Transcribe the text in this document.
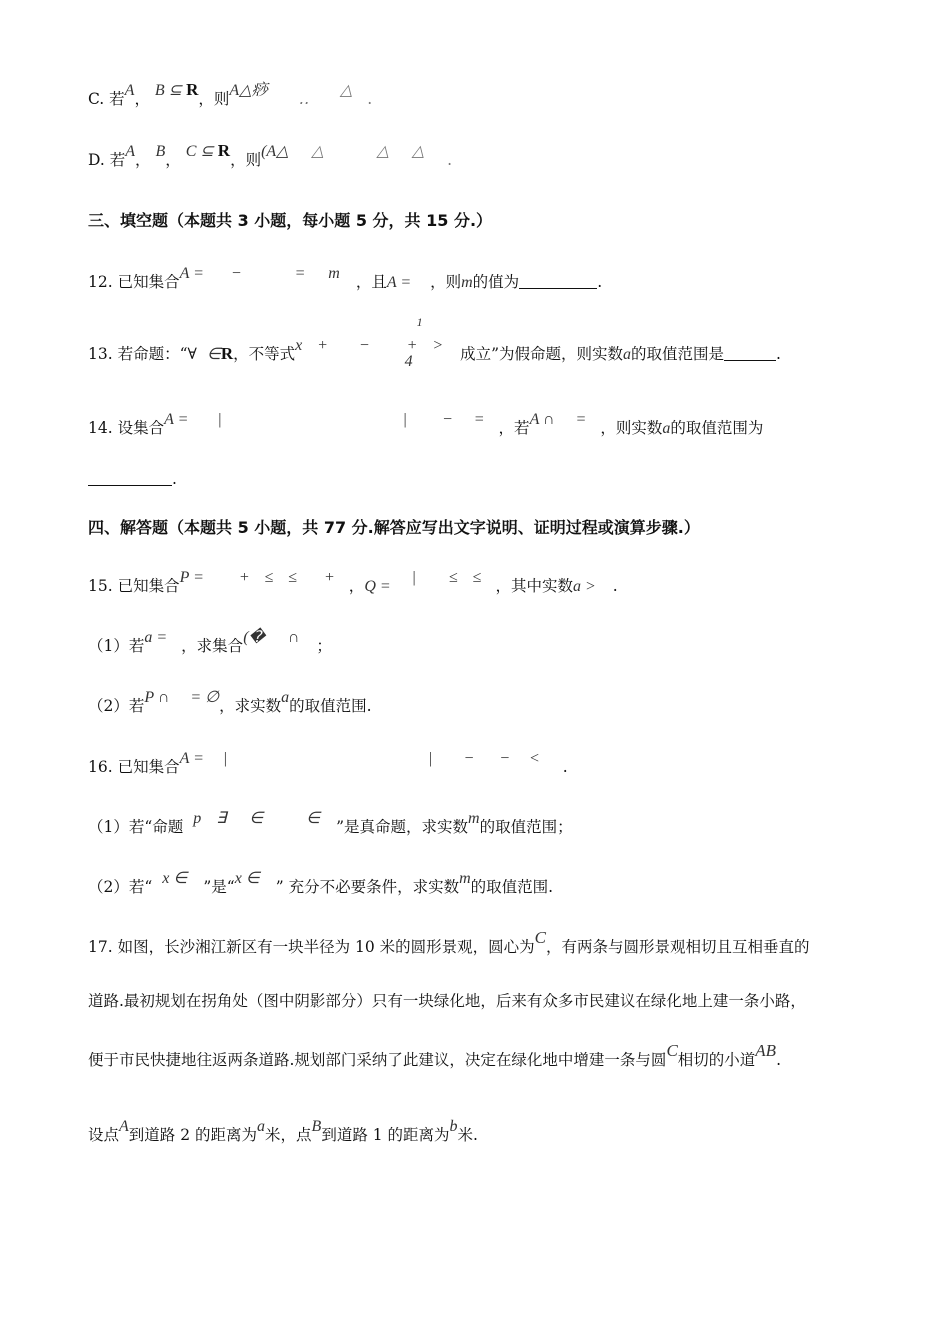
C. 若A， B ⊆ R，则A△痧 ‥ △ .
D. 若A， B， C ⊆ R，则(A△ △	△ △ .
三、填空题（本题共 3 小题，每小题 5 分，共 15 分.）
12. 已知集合A = −	= m ，且A = ，则m的值为	.
13. 若命题：“∀ ∈R，不等式x + −
1
+
4
> 成立”为假命题，则实数a的取值范围是	.
14. 设集合A = |	| − = ，若A ∩ = ，则实数a的取值范围为
.
四、解答题（本题共 5 小题，共 77 分.解答应写出文字说明、证明过程或演算步骤.）
15. 已知集合P = + ≤ ≤ + ，Q = | ≤ ≤ ，其中实数a > .
（1）若a = ，求集合(� ∩ ；
（2）若P ∩ = ∅，求实数a的取值范围.
16. 已知集合A = |	| − − < .
（1）若“命题 p ∃ ∈	∈ ”是真命题，求实数m的取值范围；
（2）若“ x ∈ ”是“x ∈ ” 充分不必要条件，求实数m的取值范围.
17. 如图，长沙湘江新区有一块半径为 10 米的圆形景观，圆心为C，有两条与圆形景观相切且互相垂直的
道路.最初规划在拐角处（图中阴影部分）只有一块绿化地，后来有众多市民建议在绿化地上建一条小路，
便于市民快捷地往返两条道路.规划部门采纳了此建议，决定在绿化地中增建一条与圆C相切的小道AB.
设点A到道路 2 的距离为a米，点B到道路 1 的距离为b米.
